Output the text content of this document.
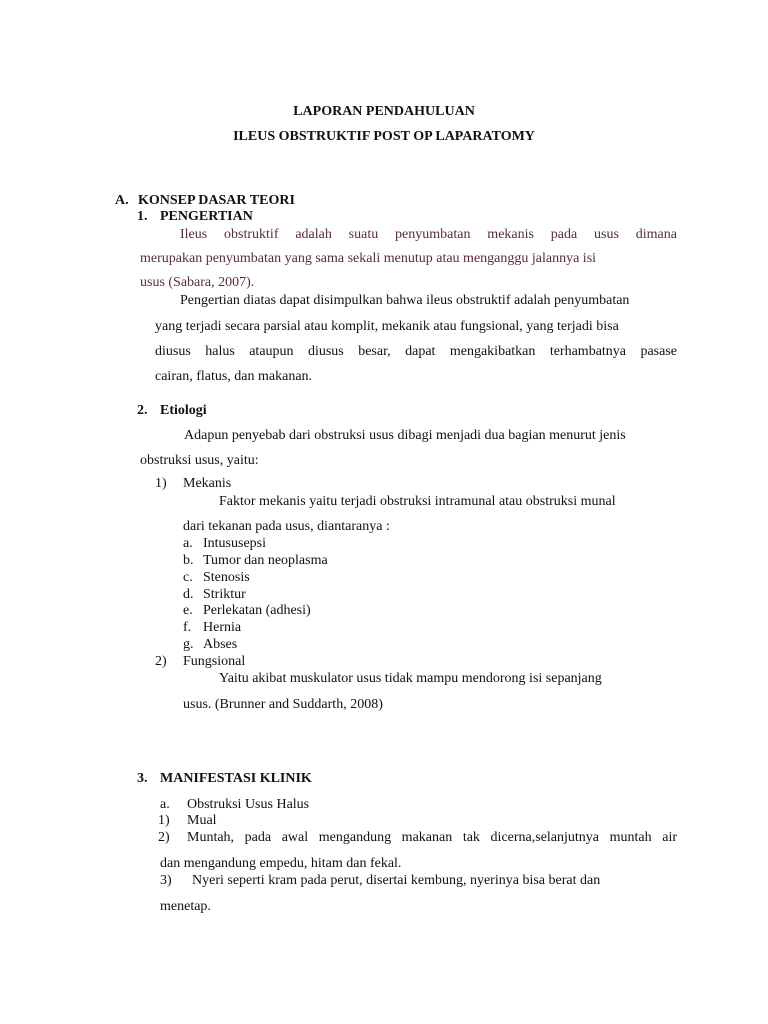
LAPORAN PENDAHULUAN
ILEUS OBSTRUKTIF POST OP LAPARATOMY
A. KONSEP DASAR TEORI
1. PENGERTIAN
Ileus obstruktif adalah suatu penyumbatan mekanis pada usus dimana
merupakan penyumbatan yang sama sekali menutup atau menganggu jalannya isi
usus (Sabara, 2007).
Pengertian diatas dapat disimpulkan bahwa ileus obstruktif adalah penyumbatan
yang terjadi secara parsial atau komplit, mekanik atau fungsional, yang terjadi bisa
diusus halus ataupun diusus besar, dapat mengakibatkan terhambatnya pasase
cairan, flatus, dan makanan.
2. Etiologi
Adapun penyebab dari obstruksi usus dibagi menjadi dua bagian menurut jenis
obstruksi usus, yaitu:
1) Mekanis
Faktor mekanis yaitu terjadi obstruksi intramunal atau obstruksi munal
dari tekanan pada usus, diantaranya :
a. Intususepsi
b. Tumor dan neoplasma
c. Stenosis
d. Striktur
e. Perlekatan (adhesi)
f. Hernia
g. Abses
2) Fungsional
Yaitu akibat muskulator usus tidak mampu mendorong isi sepanjang
usus. (Brunner and Suddarth, 2008)
3. MANIFESTASI KLINIK
a. Obstruksi Usus Halus
1) Mual
2) Muntah, pada awal mengandung makanan tak dicerna,selanjutnya muntah air
dan mengandung empedu, hitam dan fekal.
3) Nyeri seperti kram pada perut, disertai kembung, nyerinya bisa berat dan
menetap.
